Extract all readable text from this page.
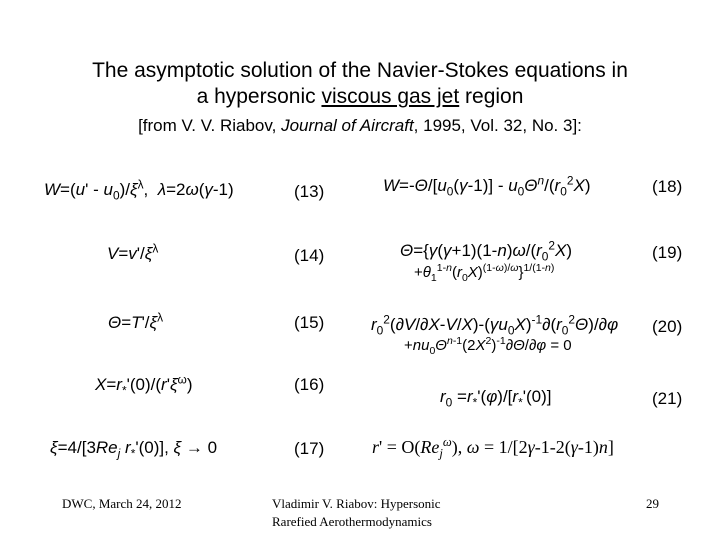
The asymptotic solution of the Navier-Stokes equations in
a hypersonic viscous gas jet region
[from V. V. Riabov, Journal of Aircraft, 1995, Vol. 32, No. 3]:
$W=(u' - u_0)/\xi^\lambda$,  λ=2ω(γ-1)	(13)
$V=v'/\xi^\lambda$	(14)
$\Theta=T'/\xi^\lambda$	(15)
$X=r_*'(0)/(r'\xi^\omega)$	(16)
$\xi=4/[3Re_j$ $r_*'(0)$], ξ → 0	(17)
$W=-\Theta/[u_0(\gamma-1)] - u_0\Theta^n/(r_0^2X)$	(18)
$\Theta=\{\gamma(\gamma+1)(1-n)\omega/(r_0^2X)$
$+\theta_1^{1-n}(r_0X)^{(1-\omega)/\omega}\}^{1/(1-n)}$
(19)
$r_0^2(\partial V/\partial X-V/X)-(\gamma u_0X)^{-1}\partial(r_0^2\Theta)/\partial\varphi$
$+nu_0\Theta^{n-1}(2X^2)^{-1}\partial\Theta/\partial\varphi = 0$
(20)
$r_0 =r_*'(\varphi)/[r_*'(0)]$	(21)
$r' = O(Re_j^\omega)$, ω = 1/[2γ-1-2(γ-1)n]
DWC, March 24, 2012	Vladimir V. Riabov: Hypersonic
Rarefied Aerothermodynamics
29
